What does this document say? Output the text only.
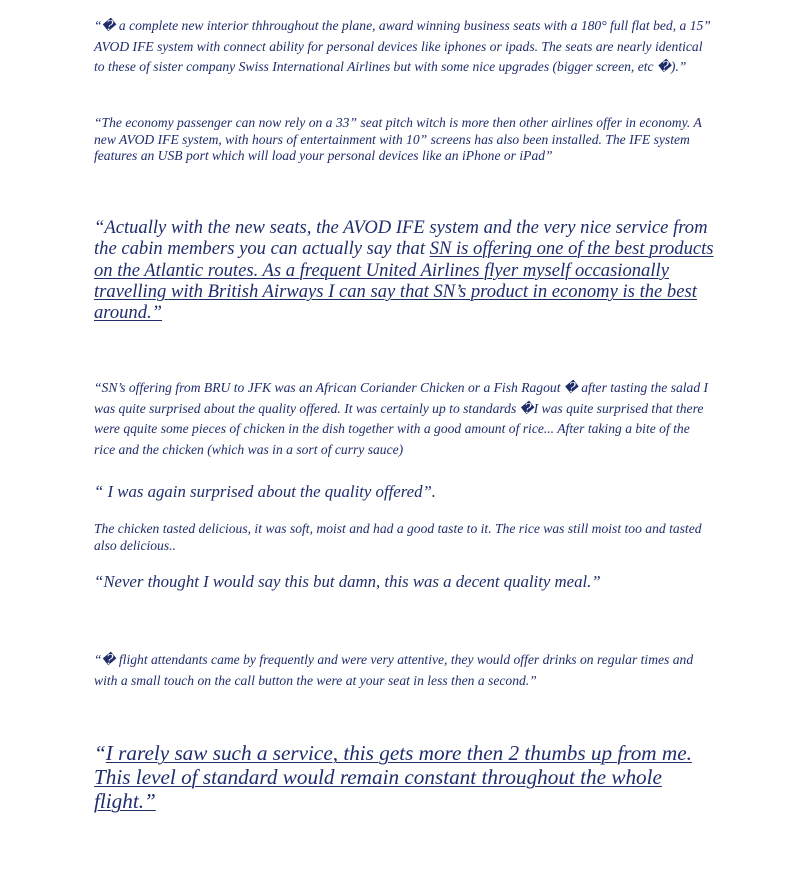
“� a complete new interior thhroughout the plane, award winning business seats with a 180° full flat bed, a 15” AVOD IFE system with connect ability for personal devices like iphones or ipads. The seats are nearly identical to these of sister company Swiss International Airlines but with some nice upgrades (bigger screen, etc �).”

“The economy passenger can now rely on a 33” seat pitch witch is more then other airlines offer in economy. A new AVOD IFE system, with hours of entertainment with 10” screens has also been installed. The IFE system features an USB port which will load your personal devices like an iPhone or iPad”

“Actually with the new seats, the AVOD IFE system and the very nice service from the cabin members you can actually say that SN is offering one of the best products on the Atlantic routes. As a frequent United Airlines flyer myself occasionally travelling with British Airways I can say that SN’s product in economy is the best around.”

“SN’s offering from BRU to JFK was an African Coriander Chicken or a Fish Ragout � after tasting the salad I was quite surprised about the quality offered. It was certainly up to standards �I was quite surprised that there were qquite some pieces of chicken in the dish together with a good amount of rice... After taking a bite of the rice and the chicken (which was in a sort of curry sauce)

“ I was again surprised about the quality offered”.

The chicken tasted delicious, it was soft, moist and had a good taste to it. The rice was still moist too and tasted also delicious..

“Never thought I would say this but damn, this was a decent quality meal.”

“� flight attendants came by frequently and were very attentive, they would offer drinks on regular times and with a small touch on the call button the were at your seat in less then a second.”

“I rarely saw such a service, this gets more then 2 thumbs up from me. This level of standard would remain constant throughout the whole flight.”
